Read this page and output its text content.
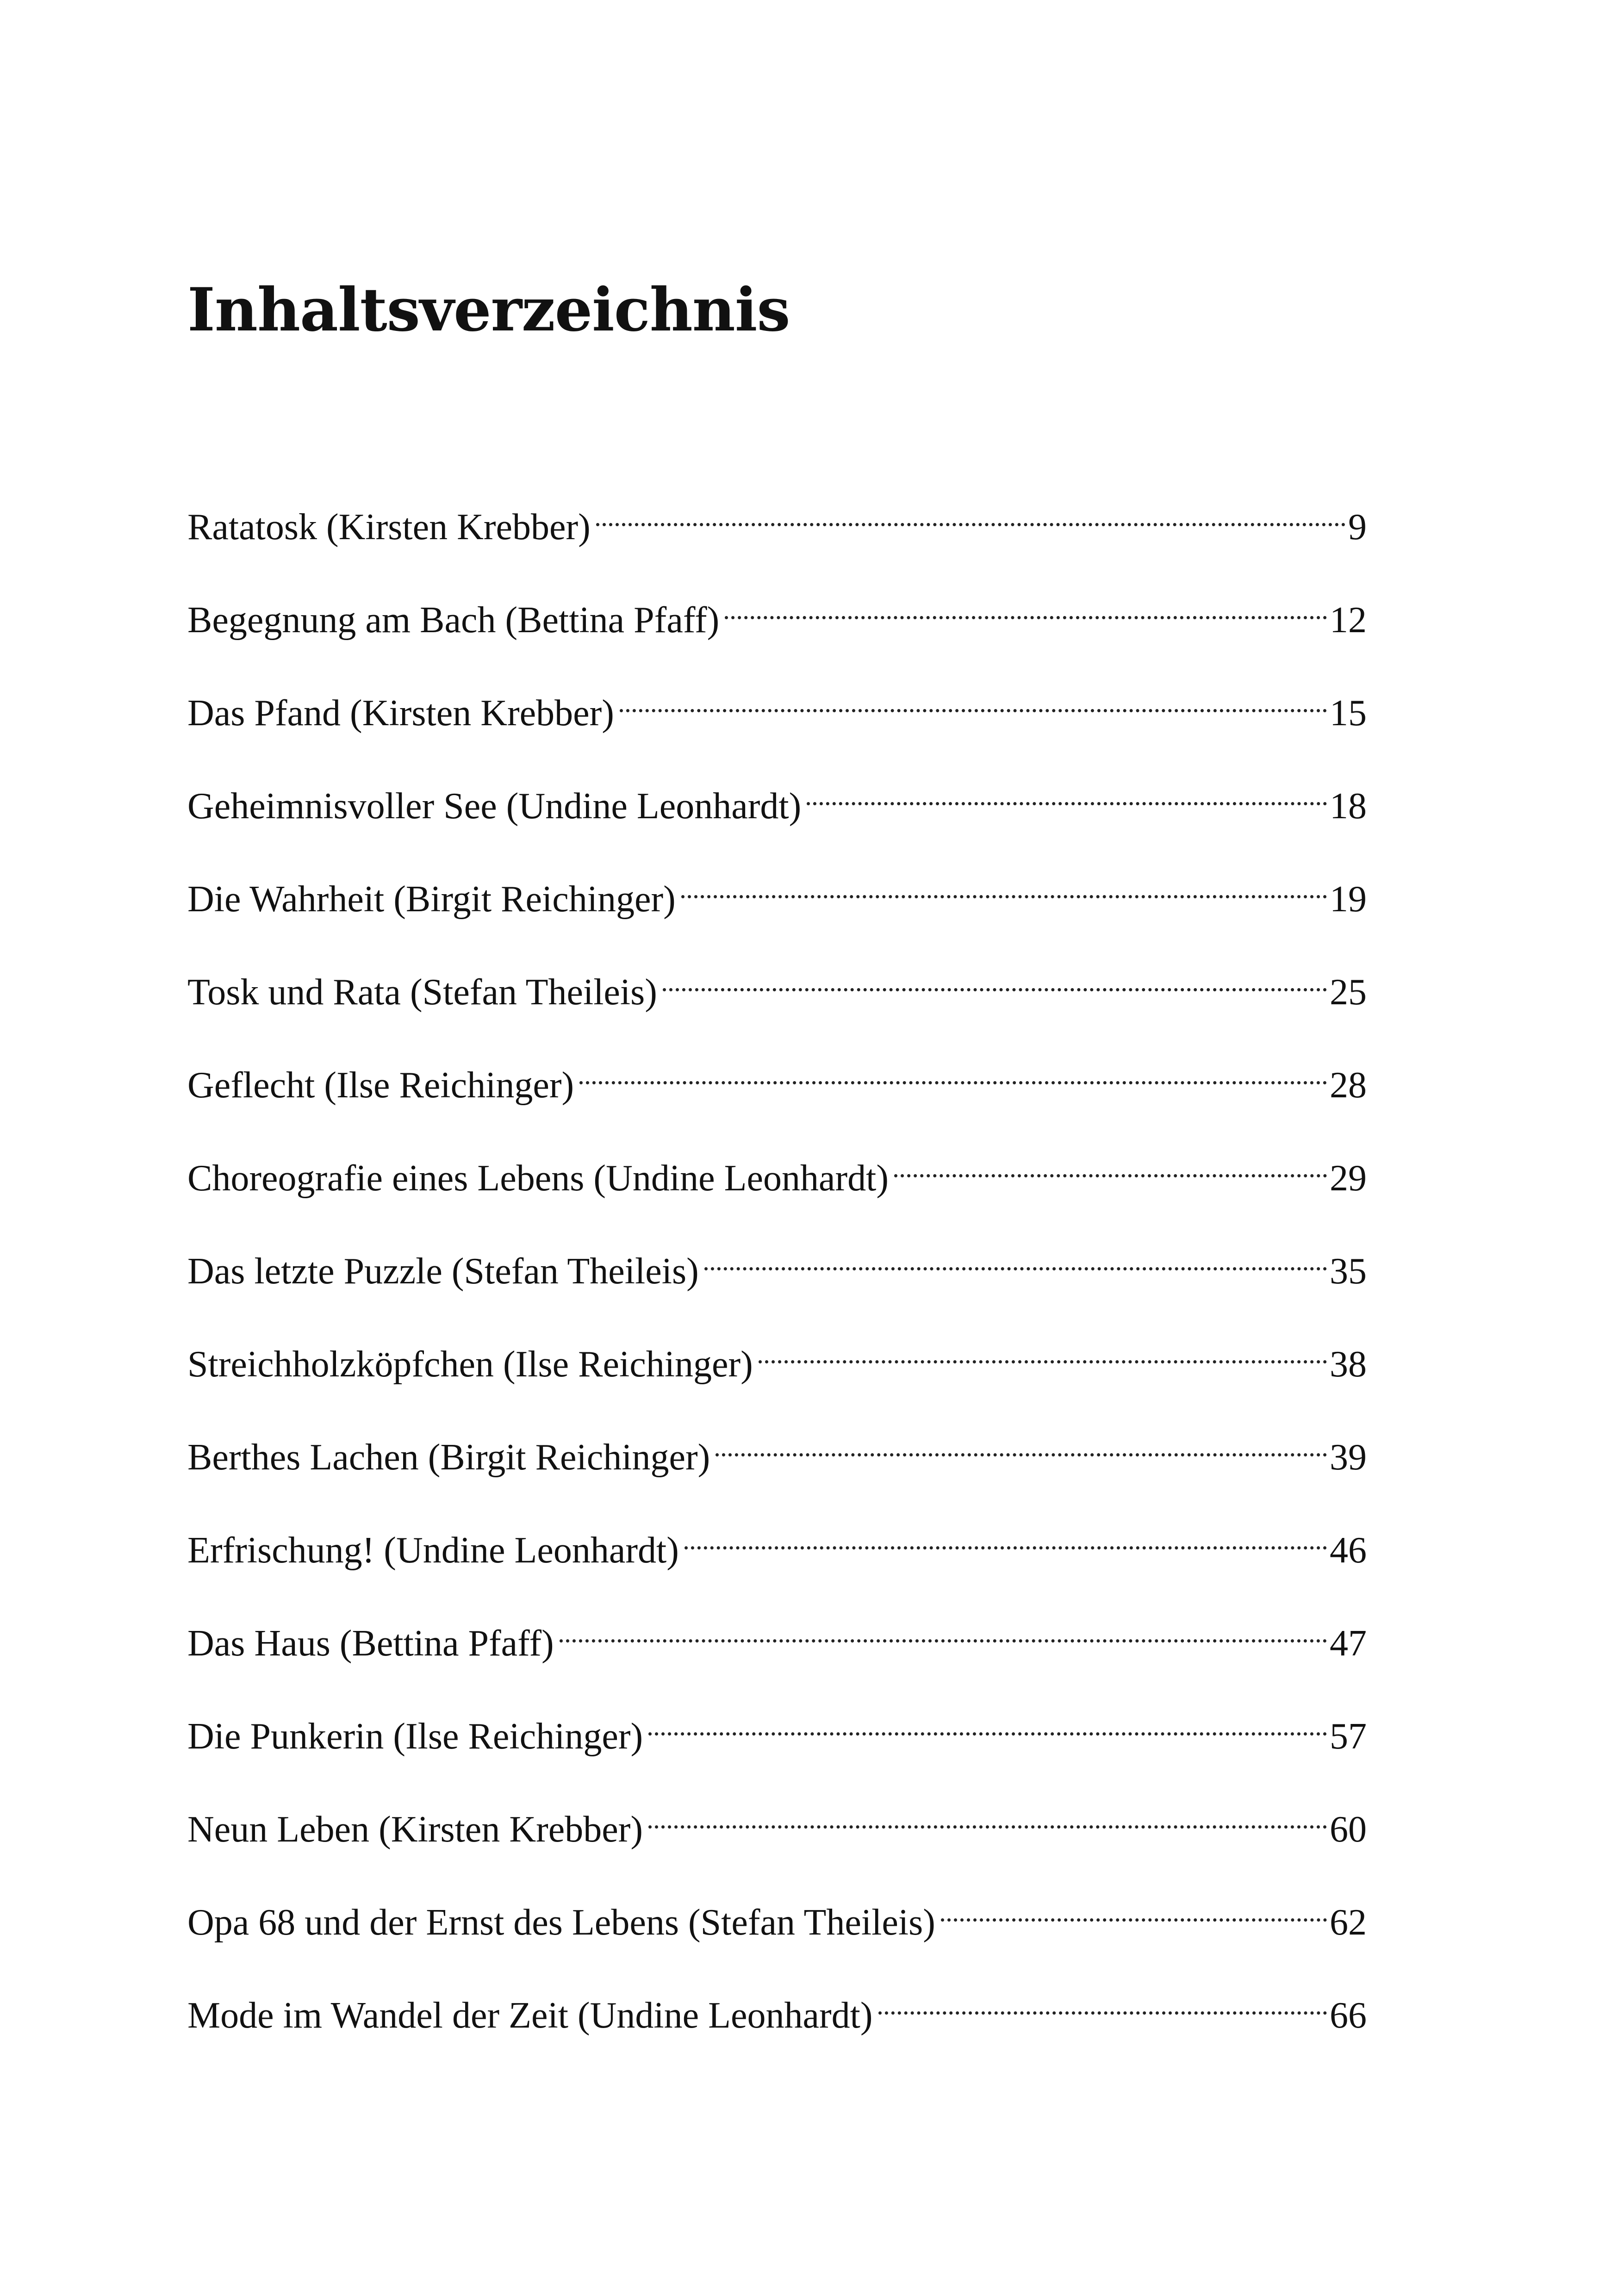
Inhaltsverzeichnis
Ratatosk (Kirsten Krebber)	9
Begegnung am Bach (Bettina Pfaff)	12
Das Pfand (Kirsten Krebber)	15
Geheimnisvoller See (Undine Leonhardt)	18
Die Wahrheit (Birgit Reichinger)	19
Tosk und Rata (Stefan Theileis)	25
Geflecht (Ilse Reichinger)	28
Choreografie eines Lebens (Undine Leonhardt)	29
Das letzte Puzzle (Stefan Theileis)	35
Streichholzköpfchen (Ilse Reichinger)	38
Berthes Lachen (Birgit Reichinger)	39
Erfrischung! (Undine Leonhardt)	46
Das Haus (Bettina Pfaff)	47
Die Punkerin (Ilse Reichinger)	57
Neun Leben (Kirsten Krebber)	60
Opa 68 und der Ernst des Lebens (Stefan Theileis)	62
Mode im Wandel der Zeit (Undine Leonhardt)	66
